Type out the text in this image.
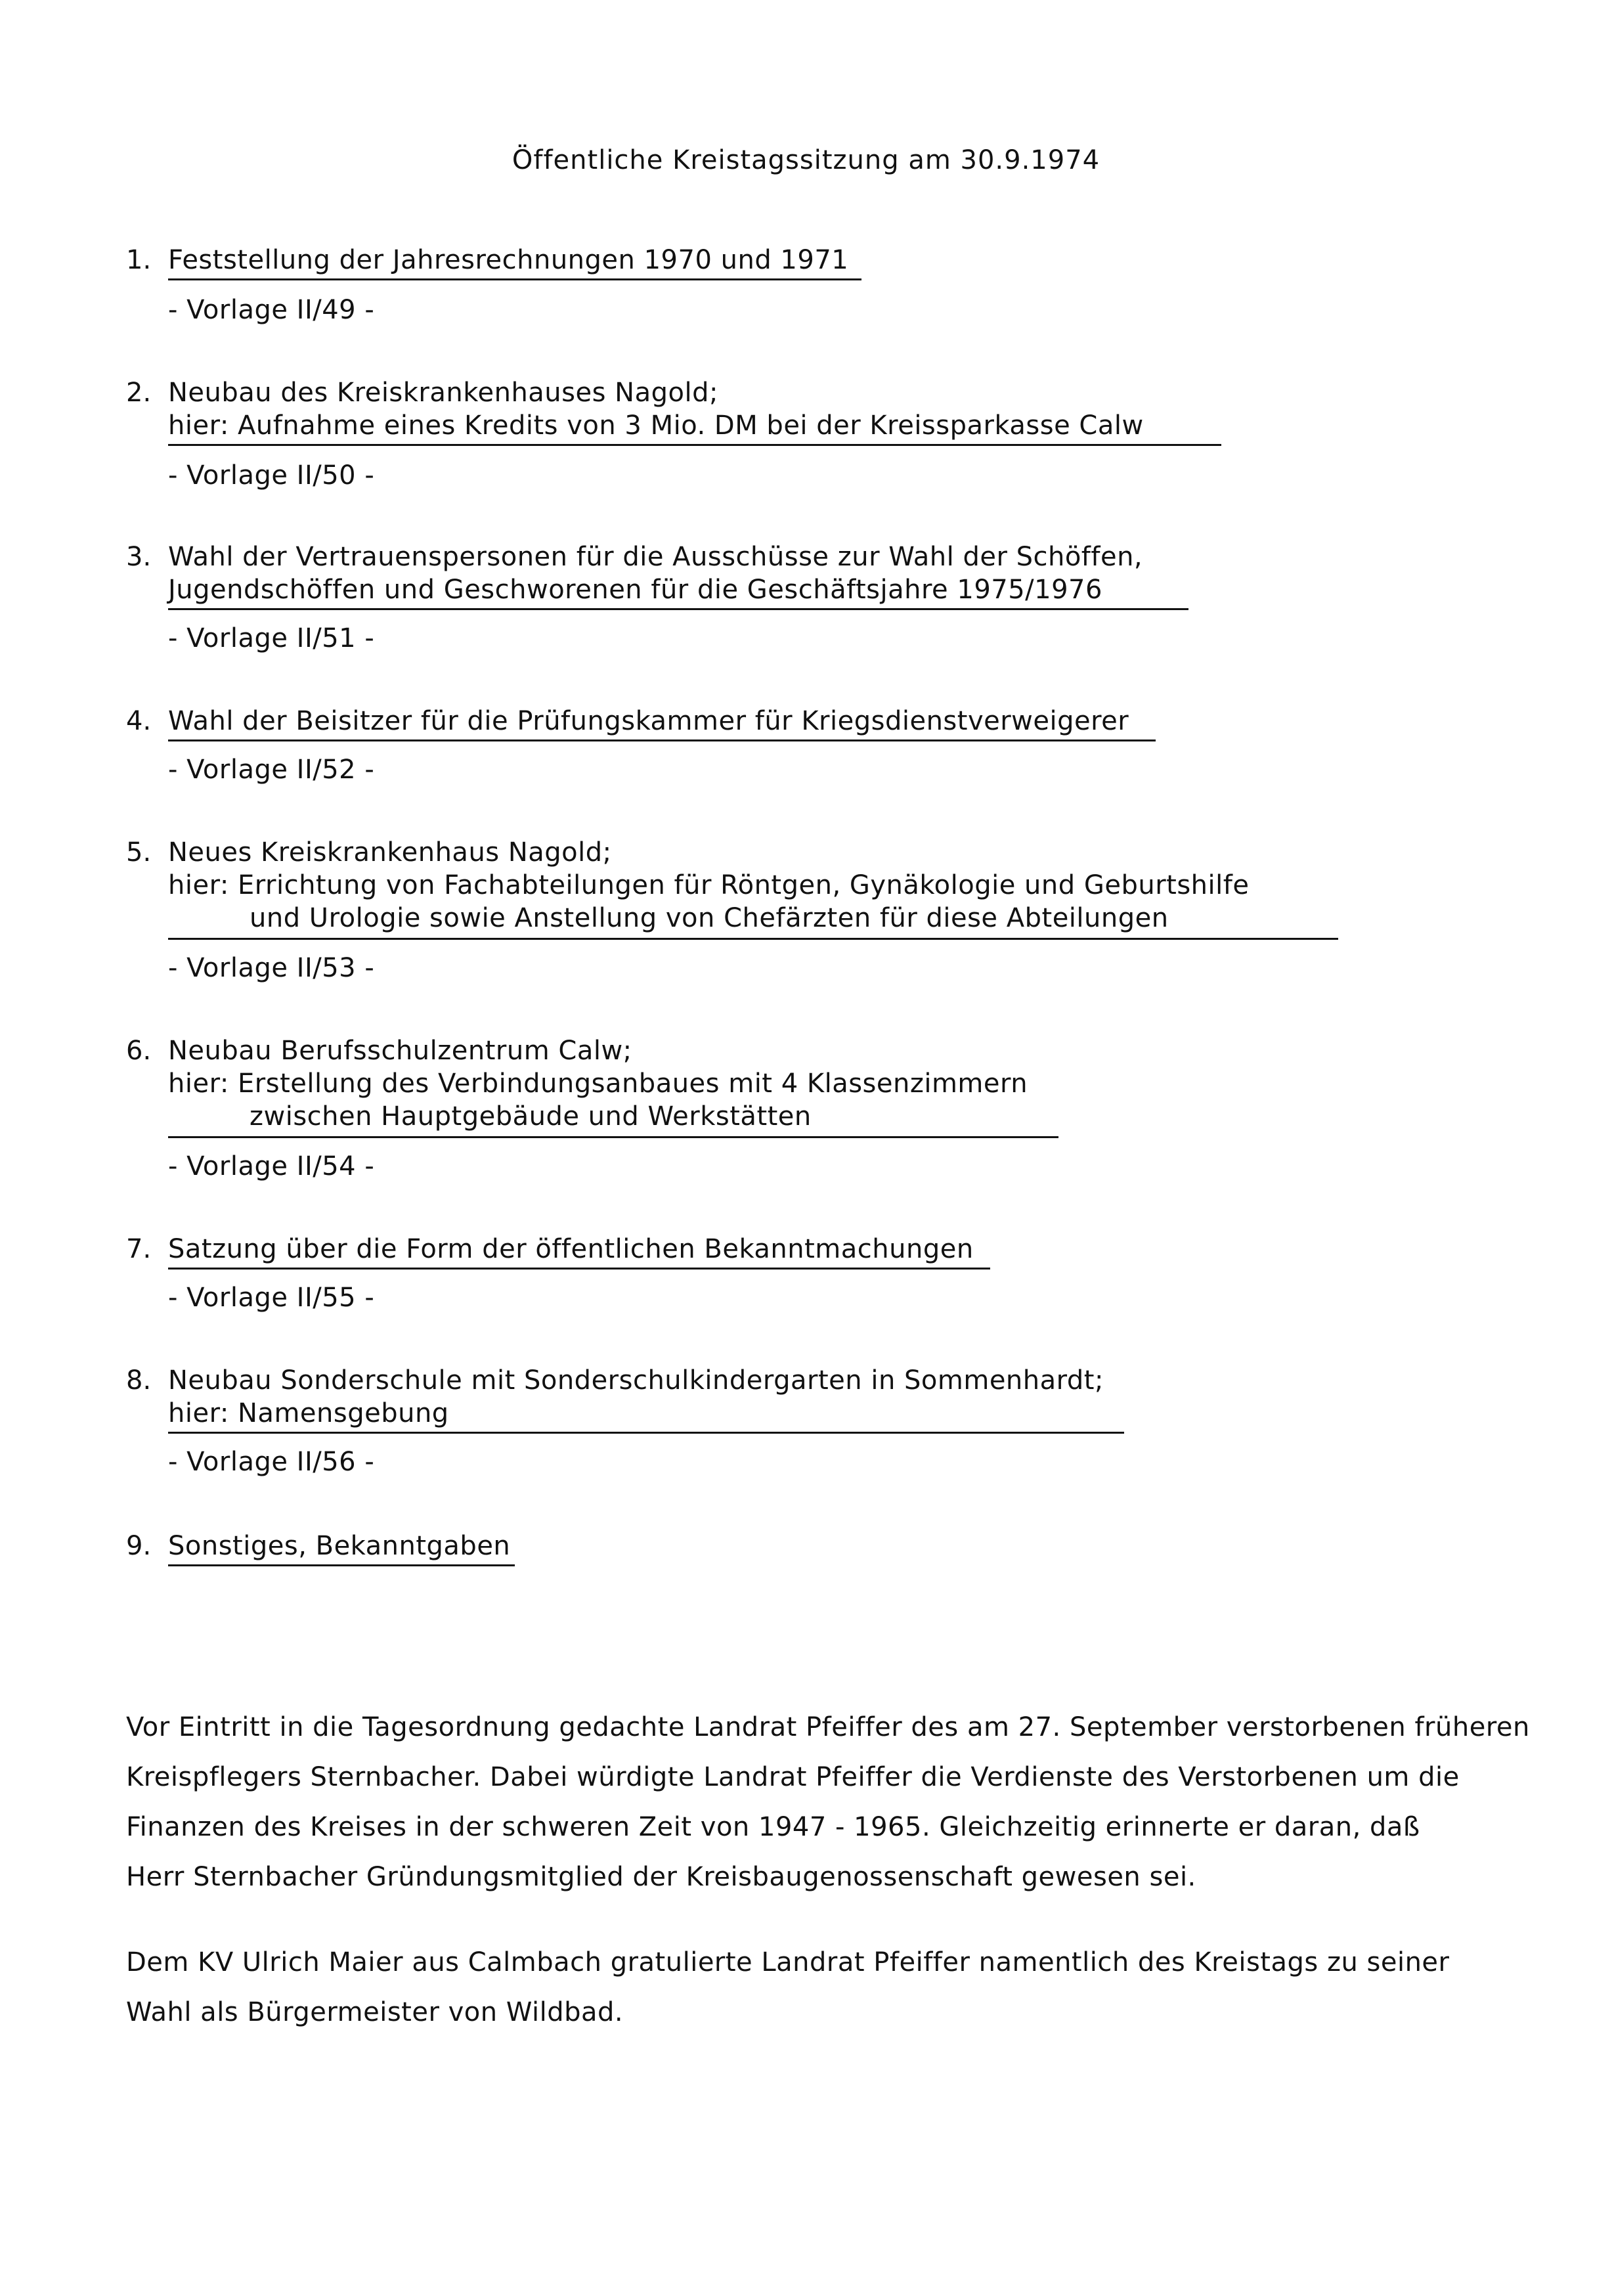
Öffentliche Kreistagssitzung am 30.9.1974
1. Feststellung der Jahresrechnungen 1970 und 1971
- Vorlage II/49 -
2. Neubau des Kreiskrankenhauses Nagold;
hier: Aufnahme eines Kredits von 3 Mio. DM bei der Kreissparkasse Calw
- Vorlage II/50 -
3. Wahl der Vertrauenspersonen für die Ausschüsse zur Wahl der Schöffen,
Jugendschöffen und Geschworenen für die Geschäftsjahre 1975/1976
- Vorlage II/51 -
4. Wahl der Beisitzer für die Prüfungskammer für Kriegsdienstverweigerer
- Vorlage II/52 -
5. Neues Kreiskrankenhaus Nagold;
hier: Errichtung von Fachabteilungen für Röntgen, Gynäkologie und Geburtshilfe
und Urologie sowie Anstellung von Chefärzten für diese Abteilungen
- Vorlage II/53 -
6. Neubau Berufsschulzentrum Calw;
hier: Erstellung des Verbindungsanbaues mit 4 Klassenzimmern
zwischen Hauptgebäude und Werkstätten
- Vorlage II/54 -
7. Satzung über die Form der öffentlichen Bekanntmachungen
- Vorlage II/55 -
8. Neubau Sonderschule mit Sonderschulkindergarten in Sommenhardt;
hier: Namensgebung
- Vorlage II/56 -
9. Sonstiges, Bekanntgaben
Vor Eintritt in die Tagesordnung gedachte Landrat Pfeiffer des am 27. September verstorbenen früheren
Kreispflegers Sternbacher. Dabei würdigte Landrat Pfeiffer die Verdienste des Verstorbenen um die
Finanzen des Kreises in der schweren Zeit von 1947 - 1965. Gleichzeitig erinnerte er daran, daß
Herr Sternbacher Gründungsmitglied der Kreisbaugenossenschaft gewesen sei.
Dem KV Ulrich Maier aus Calmbach gratulierte Landrat Pfeiffer namentlich des Kreistags zu seiner
Wahl als Bürgermeister von Wildbad.
